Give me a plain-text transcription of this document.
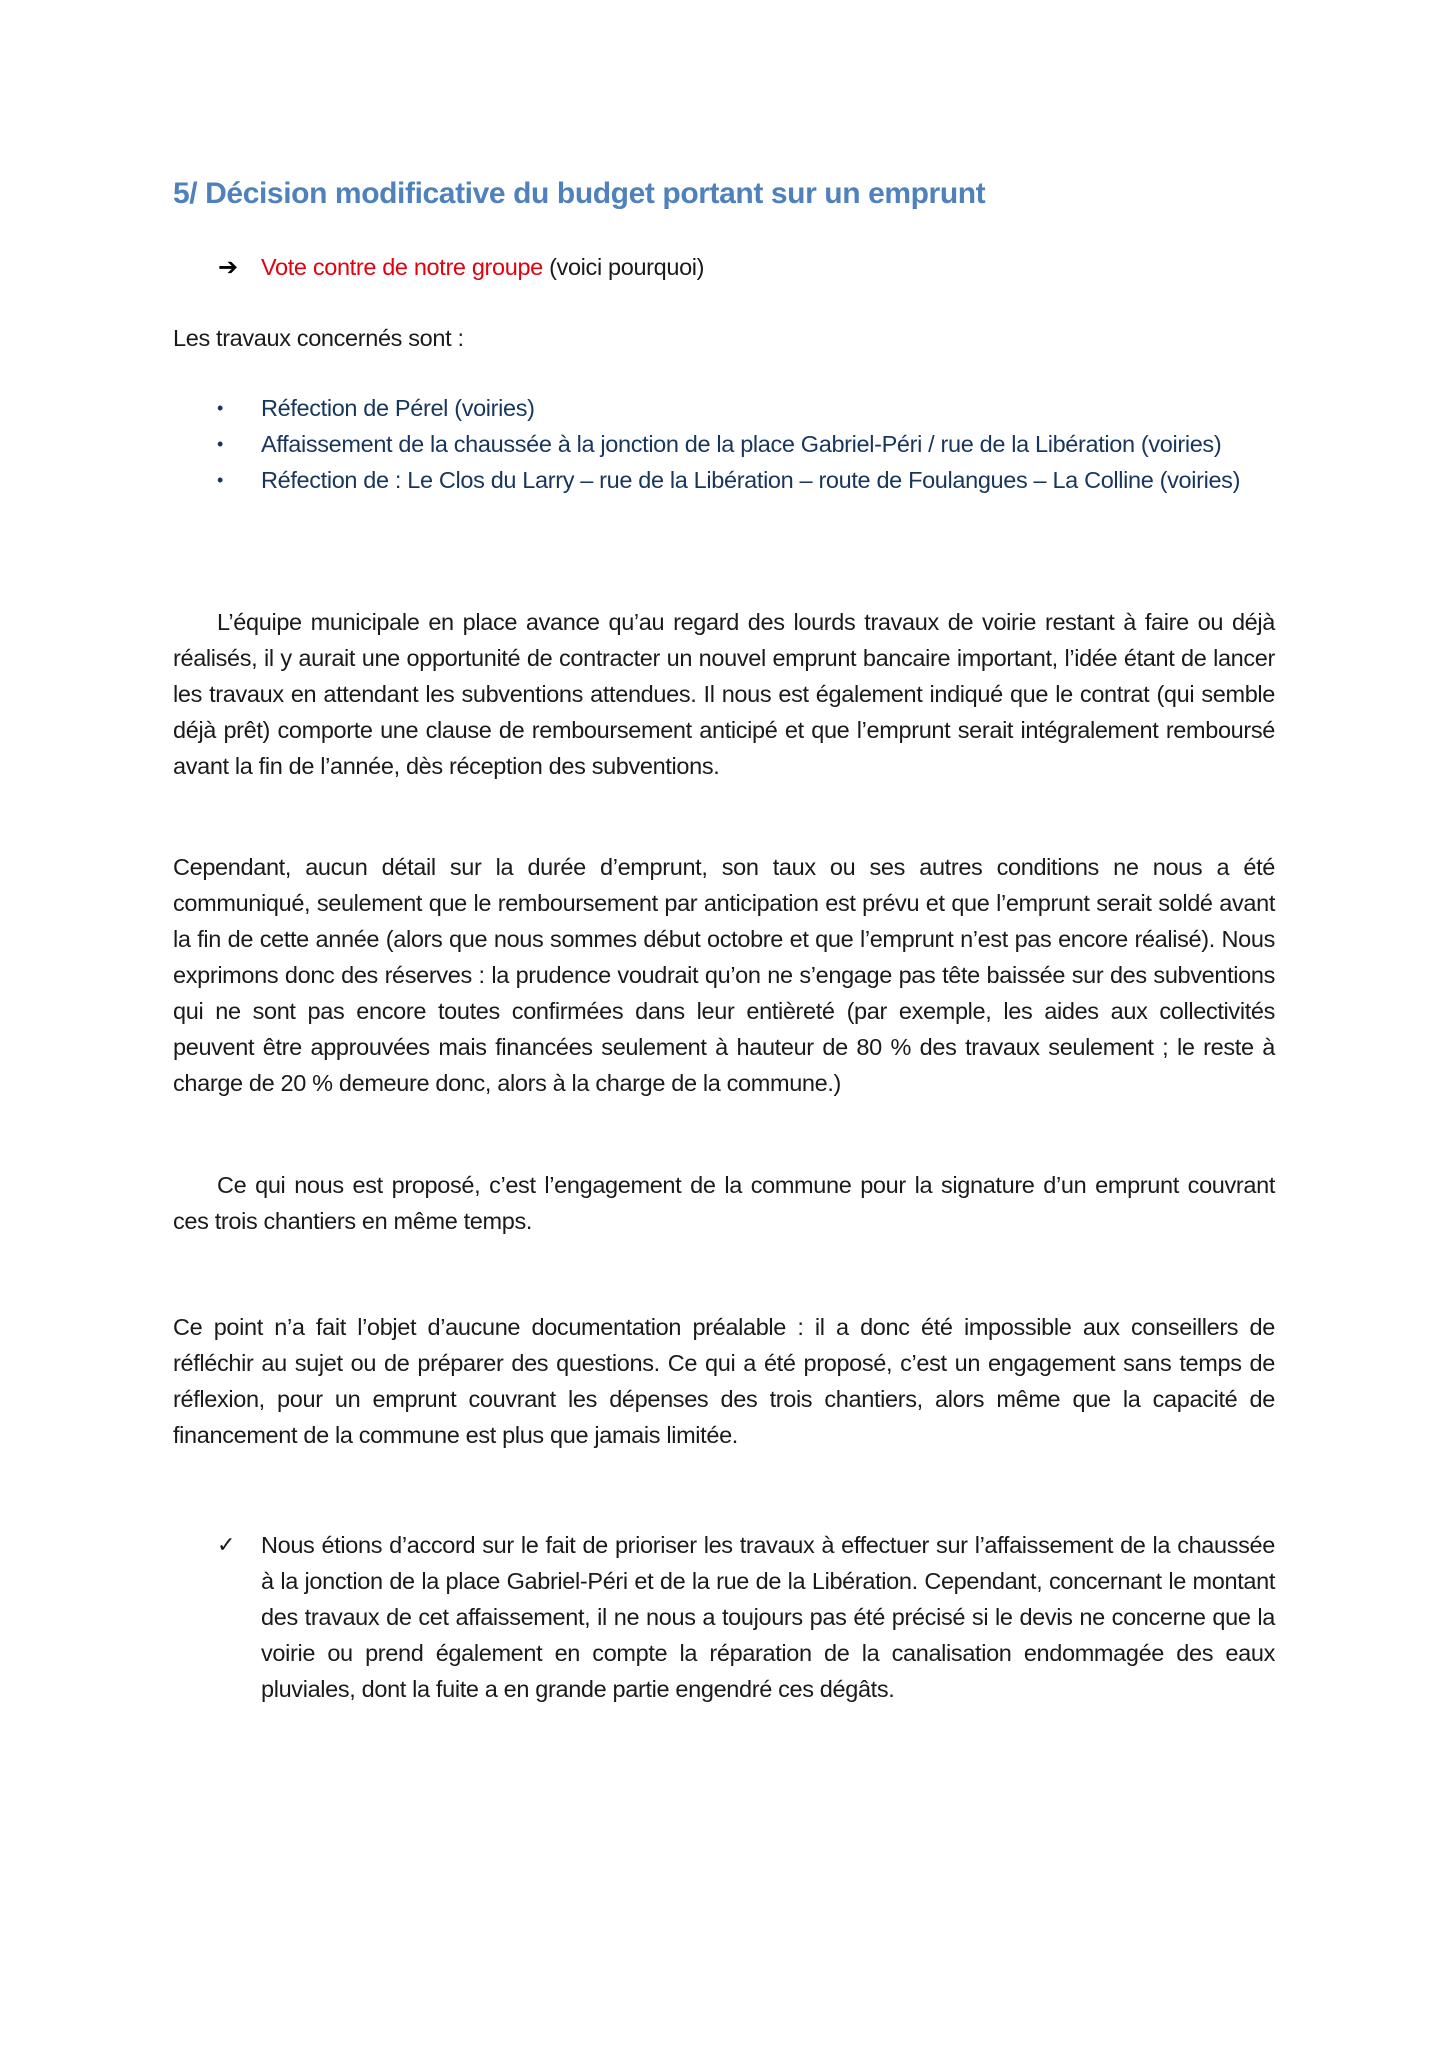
5/ Décision modificative du budget portant sur un emprunt
➔ Vote contre de notre groupe (voici pourquoi)
Les travaux concernés sont :
• Réfection de Pérel (voiries)
• Affaissement de la chaussée à la jonction de la place Gabriel-Péri / rue de la Libération (voiries)
• Réfection de : Le Clos du Larry – rue de la Libération – route de Foulangues – La Colline (voiries)
L’équipe municipale en place avance qu’au regard des lourds travaux de voirie restant à faire ou déjà réalisés, il y aurait une opportunité de contracter un nouvel emprunt bancaire important, l’idée étant de lancer les travaux en attendant les subventions attendues. Il nous est également indiqué que le contrat (qui semble déjà prêt) comporte une clause de remboursement anticipé et que l’emprunt serait intégralement remboursé avant la fin de l’année, dès réception des subventions.
Cependant, aucun détail sur la durée d’emprunt, son taux ou ses autres conditions ne nous a été communiqué, seulement que le remboursement par anticipation est prévu et que l’emprunt serait soldé avant la fin de cette année (alors que nous sommes début octobre et que l’emprunt n’est pas encore réalisé). Nous exprimons donc des réserves : la prudence voudrait qu’on ne s’engage pas tête baissée sur des subventions qui ne sont pas encore toutes confirmées dans leur entièreté (par exemple, les aides aux collectivités peuvent être approuvées mais financées seulement à hauteur de 80 % des travaux seulement ; le reste à charge de 20 % demeure donc, alors à la charge de la commune.)
Ce qui nous est proposé, c’est l’engagement de la commune pour la signature d’un emprunt couvrant ces trois chantiers en même temps.
Ce point n’a fait l’objet d’aucune documentation préalable : il a donc été impossible aux conseillers de réfléchir au sujet ou de préparer des questions. Ce qui a été proposé, c’est un engagement sans temps de réflexion, pour un emprunt couvrant les dépenses des trois chantiers, alors même que la capacité de financement de la commune est plus que jamais limitée.
✓ Nous étions d’accord sur le fait de prioriser les travaux à effectuer sur l’affaissement de la chaussée à la jonction de la place Gabriel-Péri et de la rue de la Libération. Cependant, concernant le montant des travaux de cet affaissement, il ne nous a toujours pas été précisé si le devis ne concerne que la voirie ou prend également en compte la réparation de la canalisation endommagée des eaux pluviales, dont la fuite a en grande partie engendré ces dégâts.
